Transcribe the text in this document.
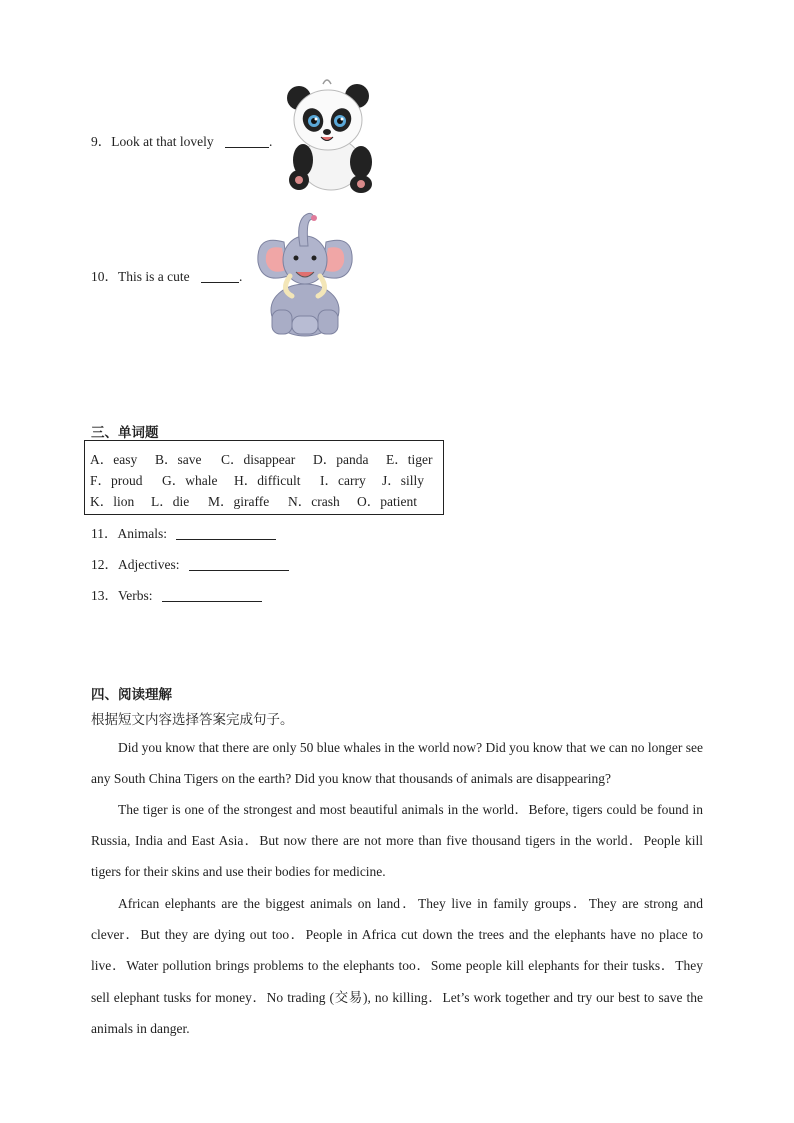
9．Look at that lovely	.
10．This is a cute	.
三、单词题
A．easy B．save C．disappear D．panda E．tiger
F．proud G．whale H．difficult I．carry J．silly
K．lion L．die M．giraffe N．crash O．patient
11．Animals:
12．Adjectives:
13．Verbs:
四、阅读理解
根据短文内容选择答案完成句子。
Did you know that there are only 50 blue whales in the world now? Did you know that we can no longer see any South China Tigers on the earth? Did you know that thousands of animals are disappearing?
The tiger is one of the strongest and most beautiful animals in the world．Before, tigers could be found in Russia, India and East Asia．But now there are not more than five thousand tigers in the world．People kill tigers for their skins and use their bodies for medicine.
African elephants are the biggest animals on land．They live in family groups．They are strong and clever．But they are dying out too．People in Africa cut down the trees and the elephants have no place to live．Water pollution brings problems to the elephants too．Some people kill elephants for their tusks．They sell elephant tusks for money．No trading (交易), no killing．Let’s work together and try our best to save the animals in danger.
